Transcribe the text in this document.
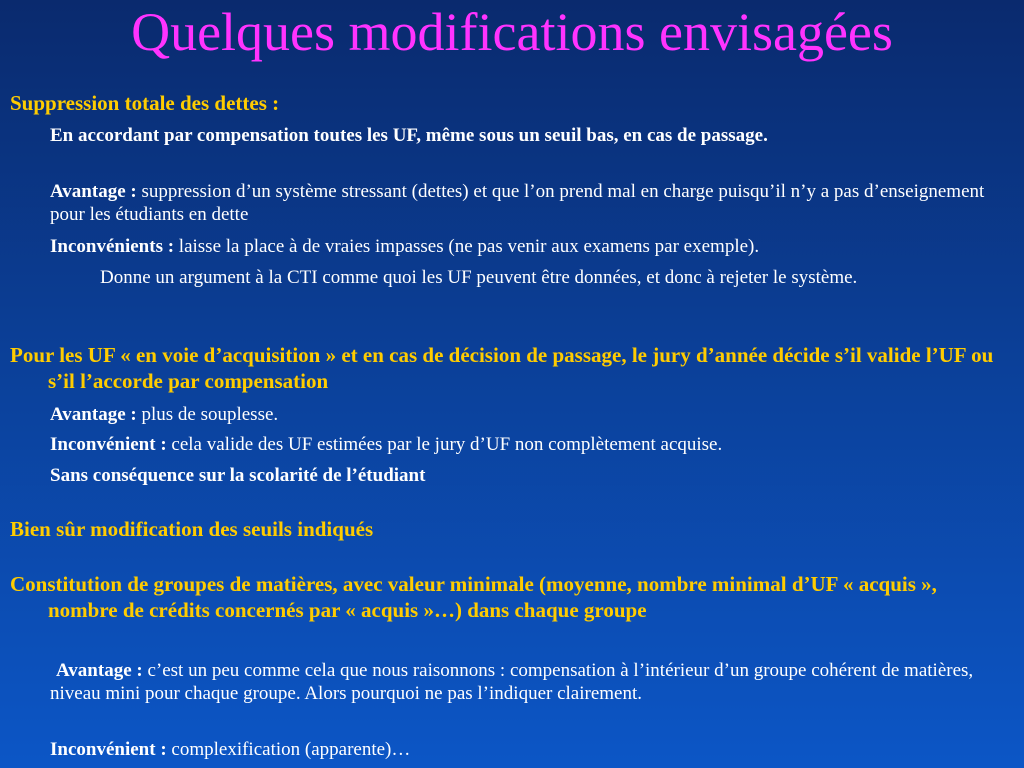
Quelques modifications envisagées
Suppression totale des dettes :
En accordant par compensation toutes les UF, même sous un seuil bas, en cas de passage.
Avantage : suppression d’un système stressant (dettes) et que l’on prend mal en charge puisqu’il n’y a pas d’enseignement pour les étudiants en dette
Inconvénients : laisse la place à de vraies impasses (ne pas venir aux examens par exemple).
Donne un argument à la CTI comme quoi les UF peuvent être données, et donc à rejeter le système.
Pour les UF « en voie d’acquisition » et en cas de décision de passage, le jury d’année décide s’il valide l’UF ou s’il l’accorde par compensation
Avantage : plus de souplesse.
Inconvénient : cela valide des UF estimées par le jury d’UF non complètement acquise.
Sans conséquence sur la scolarité de l’étudiant
Bien sûr modification des seuils indiqués
Constitution de groupes de matières, avec valeur minimale (moyenne, nombre minimal d’UF « acquis », nombre de crédits concernés par « acquis »…) dans chaque groupe
Avantage : c’est un peu comme cela que nous raisonnons : compensation à l’intérieur d’un groupe cohérent de matières, niveau mini pour chaque groupe. Alors pourquoi ne pas l’indiquer clairement.
Inconvénient : complexification (apparente)…
